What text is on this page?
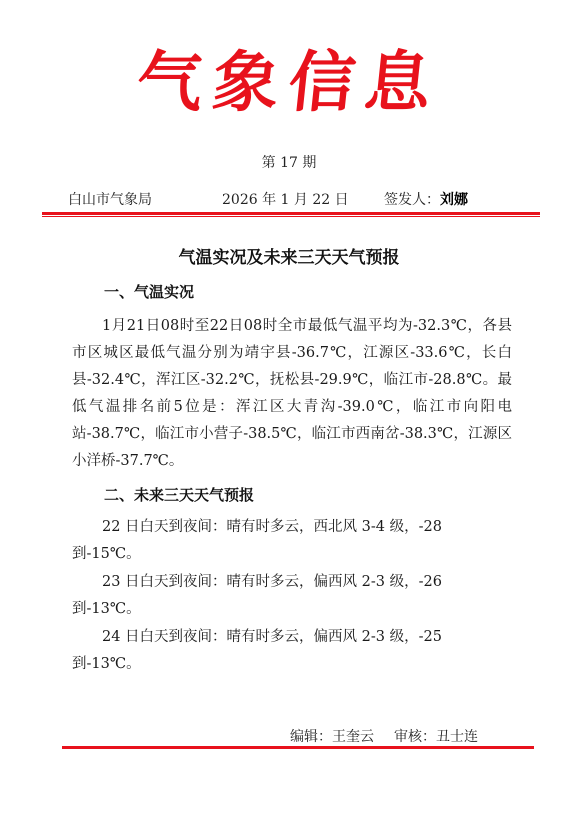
气象信息
第 17 期
白山市气象局	2026 年 1 月 22 日	签发人：刘娜
气温实况及未来三天天气预报
一、气温实况

1月21日08时至22日08时全市最低气温平均为-32.3℃，各县市区城区最低气温分别为靖宇县-36.7℃，江源区-33.6℃，长白县-32.4℃，浑江区-32.2℃，抚松县-29.9℃，临江市-28.8℃。最低气温排名前5位是：浑江区大青沟-39.0℃，临江市向阳电站-38.7℃，临江市小营子-38.5℃，临江市西南岔-38.3℃，江源区小洋桥-37.7℃。

二、未来三天天气预报
22 日白天到夜间：晴有时多云，西北风 3-4 级，-28 到-15℃。
23 日白天到夜间：晴有时多云，偏西风 2-3 级，-26 到-13℃。
24 日白天到夜间：晴有时多云，偏西风 2-3 级，-25 到-13℃。
编辑：王奎云 审核：丑士连
